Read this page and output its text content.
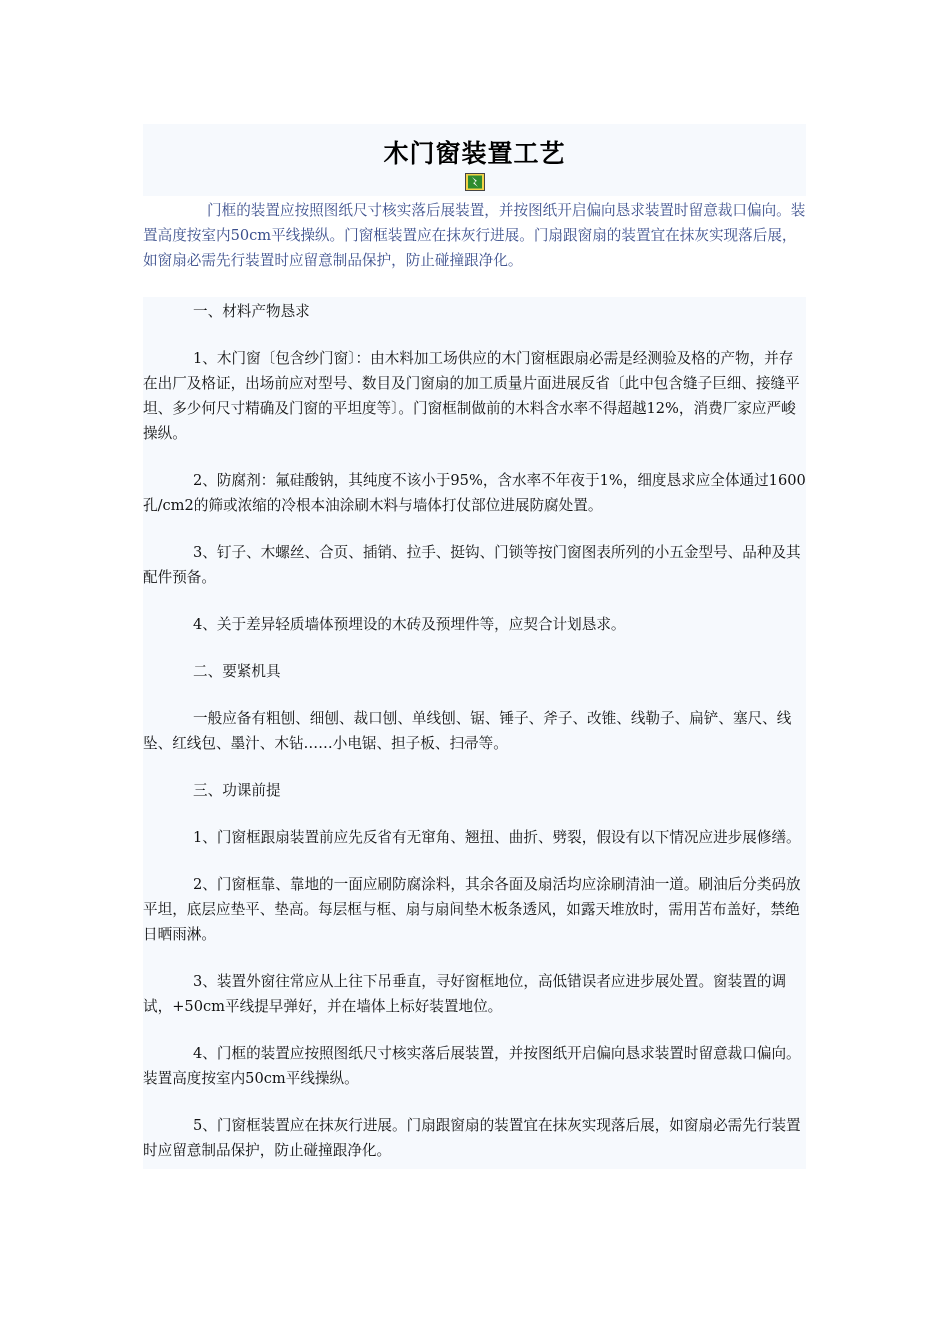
木门窗装置工艺

门框的装置应按照图纸尺寸核实落后展装置，并按图纸开启偏向恳求装置时留意裁口偏向。装置高度按室内50cm平线操纵。门窗框装置应在抹灰行进展。门扇跟窗扇的装置宜在抹灰实现落后展，如窗扇必需先行装置时应留意制品保护，防止碰撞跟净化。

一、材料产物恳求

1、木门窗〔包含纱门窗〕：由木料加工场供应的木门窗框跟扇必需是经测验及格的产物，并存在出厂及格证，出场前应对型号、数目及门窗扇的加工质量片面进展反省〔此中包含缝子巨细、接缝平坦、多少何尺寸精确及门窗的平坦度等〕。门窗框制做前的木料含水率不得超越12%，消费厂家应严峻操纵。

2、防腐剂：氟硅酸钠，其纯度不该小于95%，含水率不年夜于1%，细度恳求应全体通过1600孔/cm2的筛或浓缩的冷根本油涂刷木料与墙体打仗部位进展防腐处置。

3、钉子、木螺丝、合页、插销、拉手、挺钩、门锁等按门窗图表所列的小五金型号、品种及其配件预备。

4、关于差异轻质墙体预埋设的木砖及预埋件等，应契合计划恳求。

二、要紧机具

一般应备有粗刨、细刨、裁口刨、单线刨、锯、锤子、斧子、改锥、线勒子、扁铲、塞尺、线坠、红线包、墨汁、木钻……小电锯、担子板、扫帚等。

三、功课前提

1、门窗框跟扇装置前应先反省有无窜角、翘扭、曲折、劈裂，假设有以下情况应进步展修缮。

2、门窗框靠、靠地的一面应刷防腐涂料，其余各面及扇活均应涂刷清油一道。刷油后分类码放平坦，底层应垫平、垫高。每层框与框、扇与扇间垫木板条透风，如露天堆放时，需用苫布盖好，禁绝日晒雨淋。

3、装置外窗往常应从上往下吊垂直，寻好窗框地位，高低错误者应进步展处置。窗装置的调试，+50cm平线提早弹好，并在墙体上标好装置地位。

4、门框的装置应按照图纸尺寸核实落后展装置，并按图纸开启偏向恳求装置时留意裁口偏向。装置高度按室内50cm平线操纵。

5、门窗框装置应在抹灰行进展。门扇跟窗扇的装置宜在抹灰实现落后展，如窗扇必需先行装置时应留意制品保护，防止碰撞跟净化。
